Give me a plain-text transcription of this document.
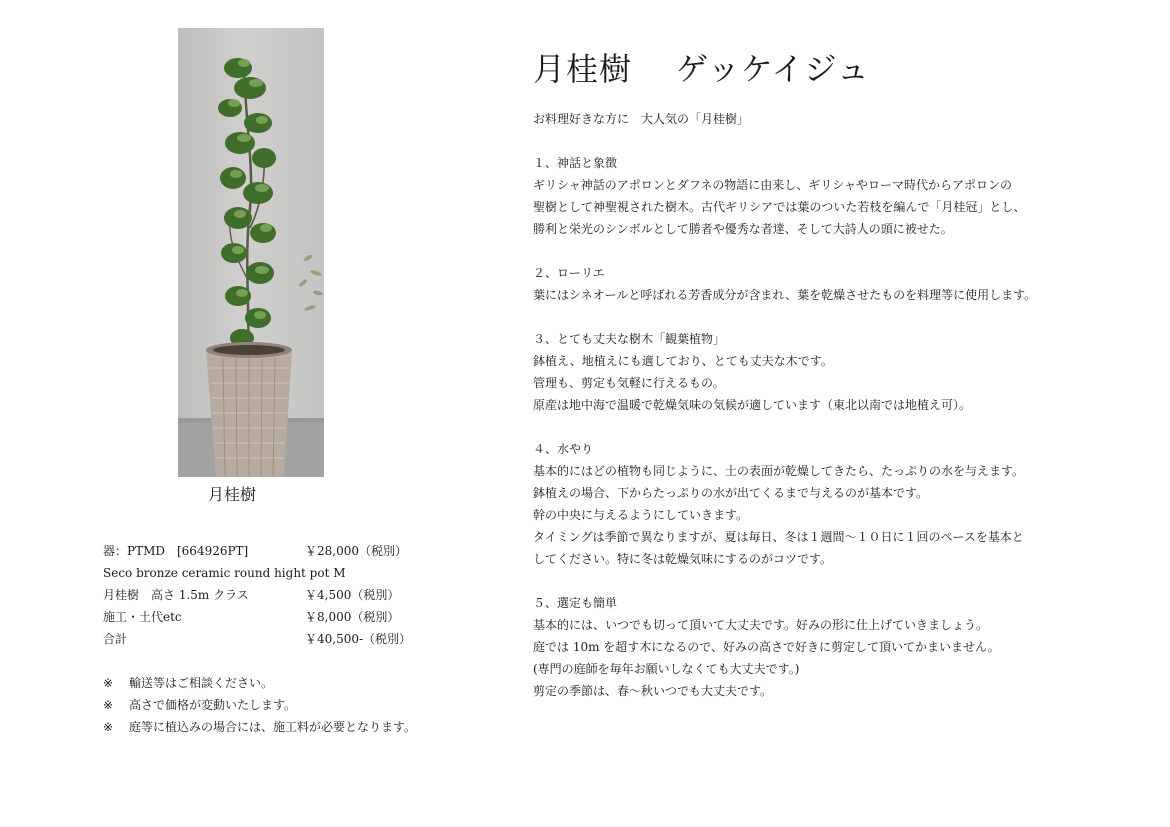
月桂樹
器：PTMD　[664926PT]	￥28,000（税別）
Seco bronze ceramic round hight pot M
月桂樹　高さ 1.5m クラス	￥4,500（税別）
施工・土代etc	￥8,000（税別）
合計	￥40,500-（税別）
※ 輸送等はご相談ください。
※ 高さで価格が変動いたします。
※ 庭等に植込みの場合には、施工料が必要となります。
月桂樹 ゲッケイジュ
お料理好きな方に　大人気の「月桂樹」
１、神話と象徴
ギリシャ神話のアポロンとダフネの物語に由来し、ギリシャやローマ時代からアポロンの
聖樹として神聖視された樹木。古代ギリシアでは葉のついた若枝を編んで「月桂冠」とし、
勝利と栄光のシンボルとして勝者や優秀な者達、そして大詩人の頭に被せた。
２、ローリエ
葉にはシネオールと呼ばれる芳香成分が含まれ、葉を乾燥させたものを料理等に使用します。
３、とても丈夫な樹木「観葉植物」
鉢植え、地植えにも適しており、とても丈夫な木です。
管理も、剪定も気軽に行えるもの。
原産は地中海で温暖で乾燥気味の気候が適しています（東北以南では地植え可）。
４、水やり
基本的にはどの植物も同じように、土の表面が乾燥してきたら、たっぷりの水を与えます。
鉢植えの場合、下からたっぷりの水が出てくるまで与えるのが基本です。
幹の中央に与えるようにしていきます。
タイミングは季節で異なりますが、夏は毎日、冬は１週間～１０日に１回のペースを基本と
してください。特に冬は乾燥気味にするのがコツです。
５、選定も簡単
基本的には、いつでも切って頂いて大丈夫です。好みの形に仕上げていきましょう。
庭では 10m を超す木になるので、好みの高さで好きに剪定して頂いてかまいません。
(専門の庭師を毎年お願いしなくても大丈夫です。)
剪定の季節は、春～秋いつでも大丈夫です。
